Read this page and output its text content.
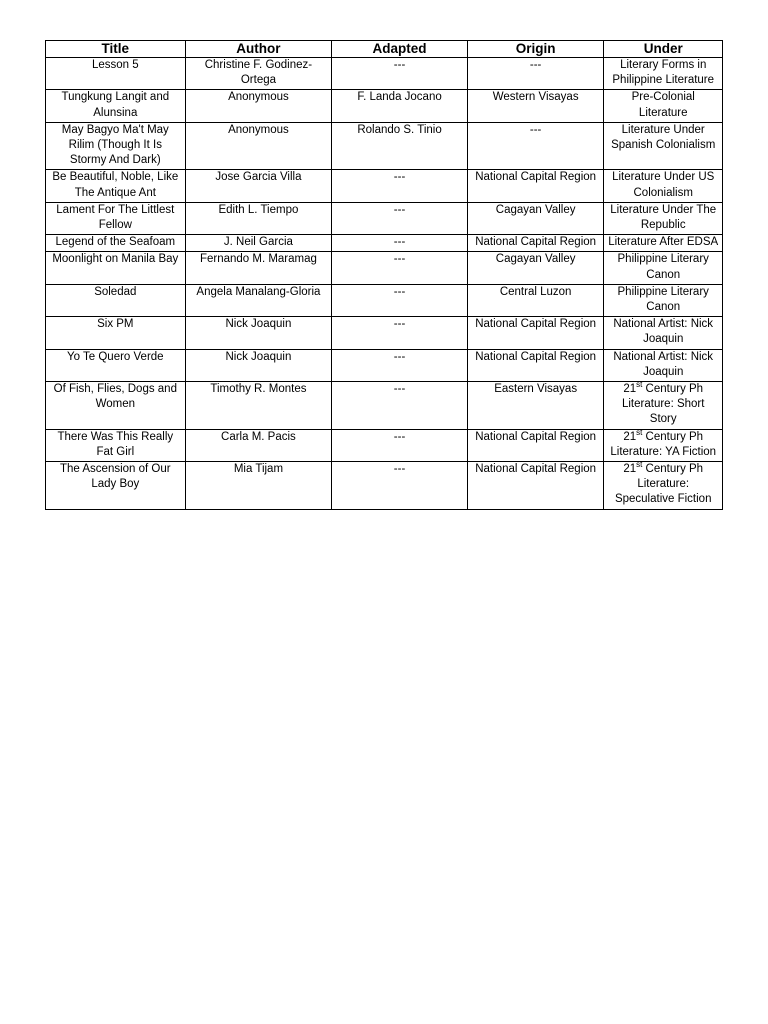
Title	Author	Adapted	Origin	Under
Lesson 5	Christine F. Godinez-Ortega	---	---	Literary Forms in Philippine Literature
Tungkung Langit and Alunsina	Anonymous	F. Landa Jocano	Western Visayas	Pre-Colonial Literature
May Bagyo Ma't May Rilim (Though It Is Stormy And Dark)	Anonymous	Rolando S. Tinio	---	Literature Under Spanish Colonialism
Be Beautiful, Noble, Like The Antique Ant	Jose Garcia Villa	---	National Capital Region	Literature Under US Colonialism
Lament For The Littlest Fellow	Edith L. Tiempo	---	Cagayan Valley	Literature Under The Republic
Legend of the Seafoam	J. Neil Garcia	---	National Capital Region	Literature After EDSA
Moonlight on Manila Bay	Fernando M. Maramag	---	Cagayan Valley	Philippine Literary Canon
Soledad	Angela Manalang-Gloria	---	Central Luzon	Philippine Literary Canon
Six PM	Nick Joaquin	---	National Capital Region	National Artist: Nick Joaquin
Yo Te Quero Verde	Nick Joaquin	---	National Capital Region	National Artist: Nick Joaquin
Of Fish, Flies, Dogs and Women	Timothy R. Montes	---	Eastern Visayas	21st Century Ph Literature: Short Story
There Was This Really Fat Girl	Carla M. Pacis	---	National Capital Region	21st Century Ph Literature: YA Fiction
The Ascension of Our Lady Boy	Mia Tijam	---	National Capital Region	21st Century Ph Literature: Speculative Fiction
